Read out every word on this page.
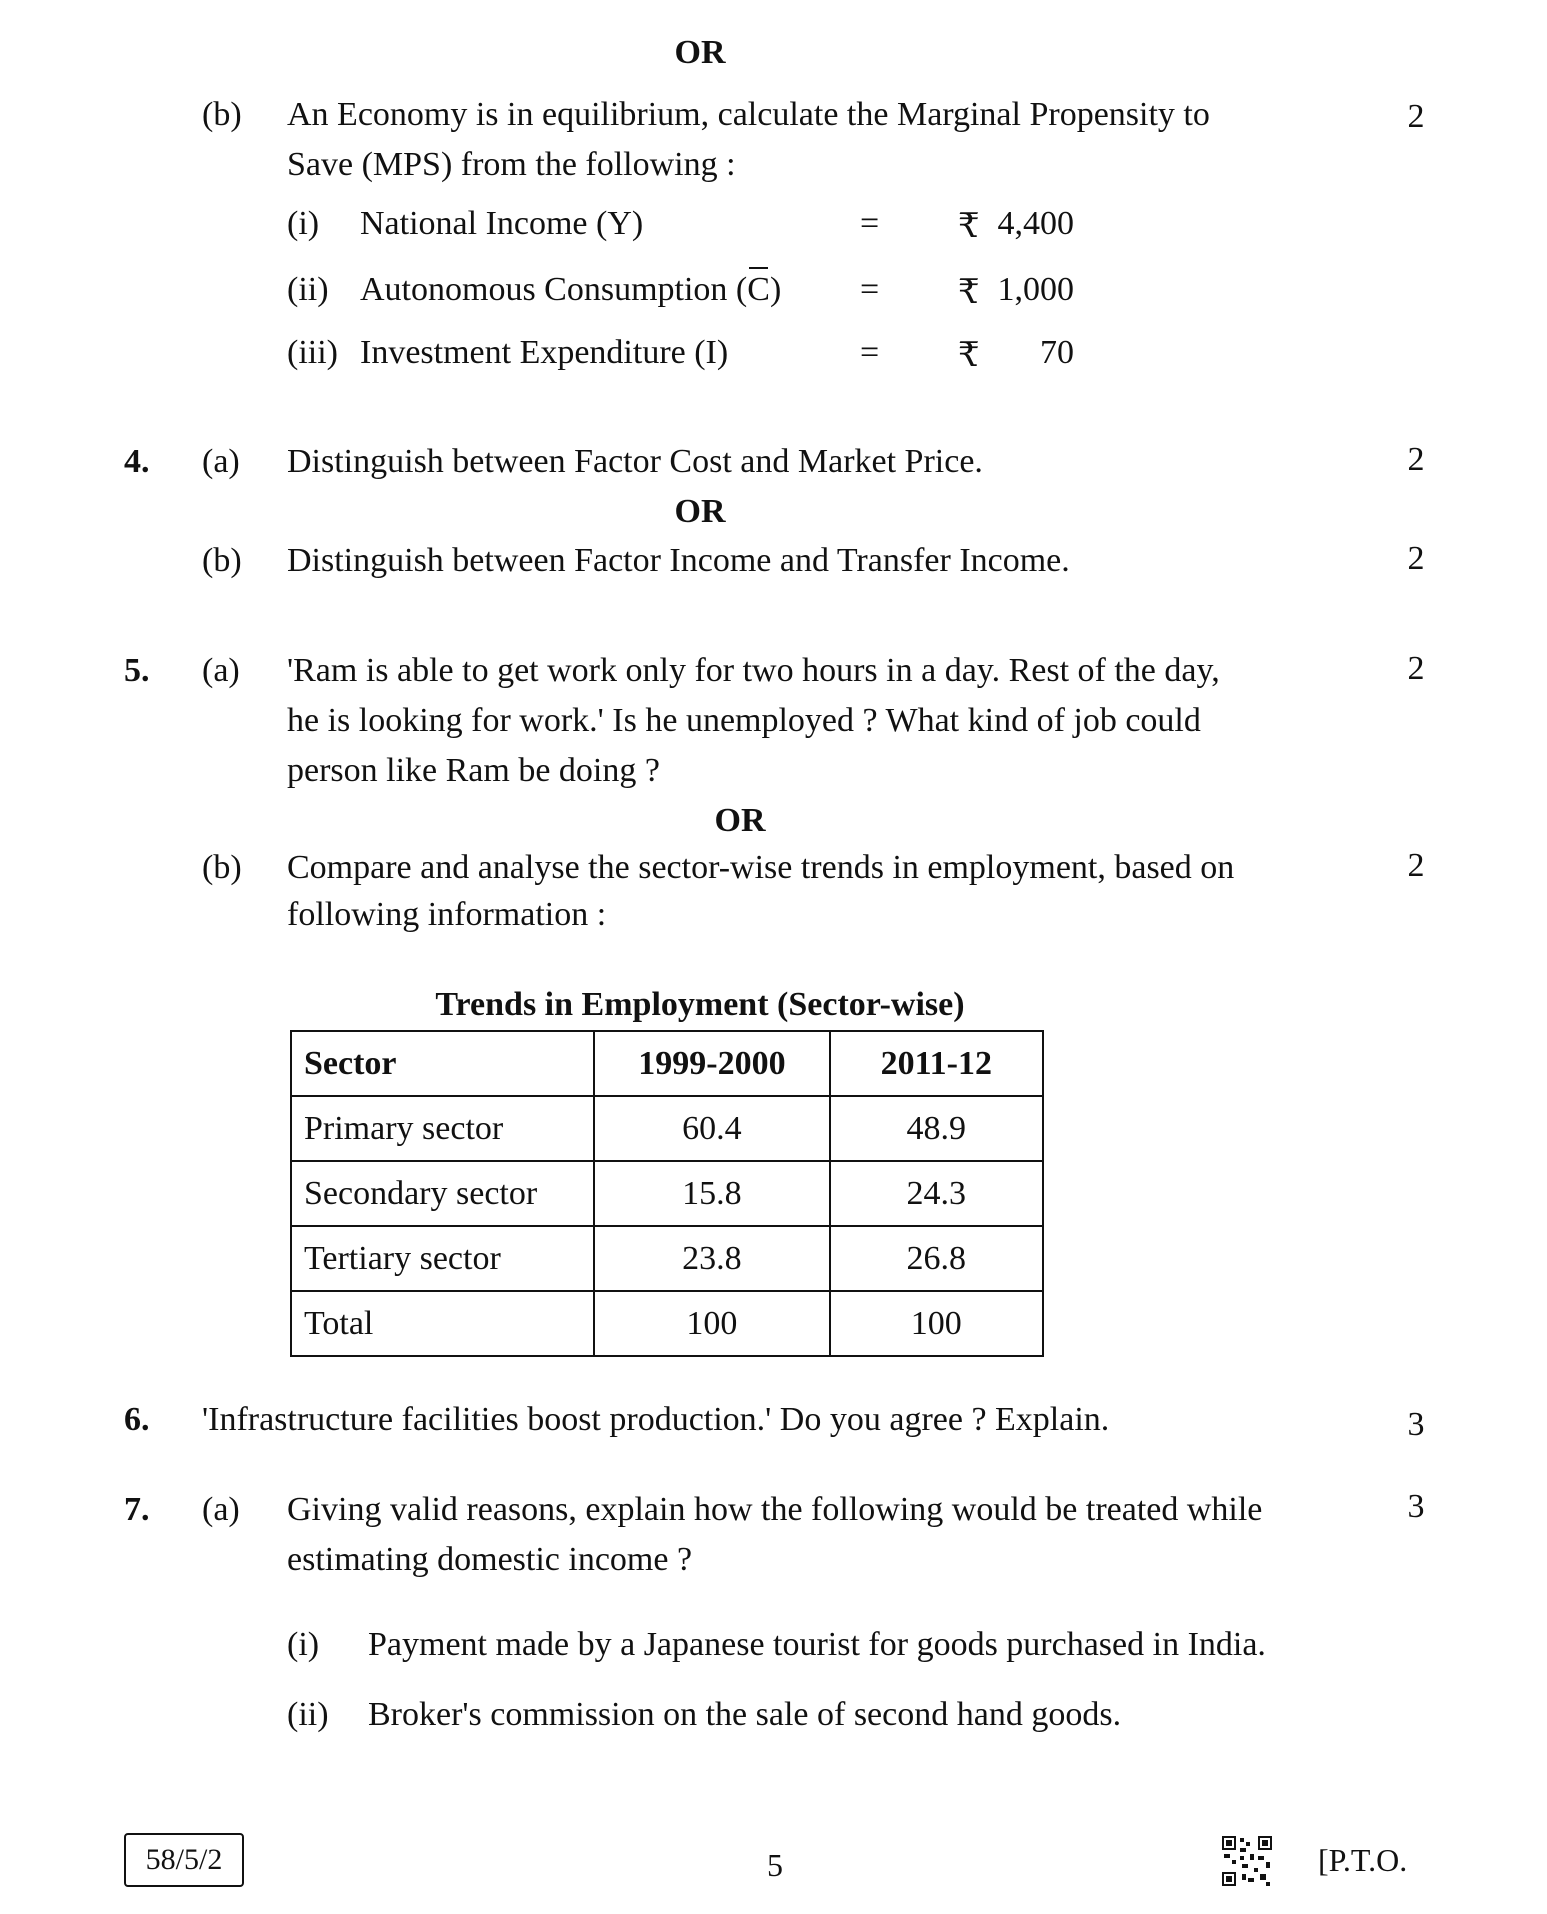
OR
(b)	An Economy is in equilibrium, calculate the Marginal Propensity to
Save (MPS) from the following :
2
(i) National Income (Y)	= ₹ 4,400
(ii) Autonomous Consumption (C) = ₹ 1,000
(iii) Investment Expenditure (I)	= ₹	70
4.	(a)	Distinguish between Factor Cost and Market Price.	2
OR
(b)	Distinguish between Factor Income and Transfer Income.	2
5.	(a)	'Ram is able to get work only for two hours in a day. Rest of the day,
he is looking for work.' Is he unemployed ? What kind of job could
person like Ram be doing ?
2
OR
(b)	Compare and analyse the sector-wise trends in employment, based on
following information :
2
Trends in Employment (Sector-wise)
Sector	1999-2000	2011-12
Primary sector	60.4	48.9
Secondary sector	15.8	24.3
Tertiary sector	23.8	26.8
Total	100	100
6.	'Infrastructure facilities boost production.' Do you agree ? Explain.	3
7.	(a)	Giving valid reasons, explain how the following would be treated while
estimating domestic income ?
3
(i) Payment made by a Japanese tourist for goods purchased in India.
(ii) Broker's commission on the sale of second hand goods.
58/5/2	5	[P.T.O.
